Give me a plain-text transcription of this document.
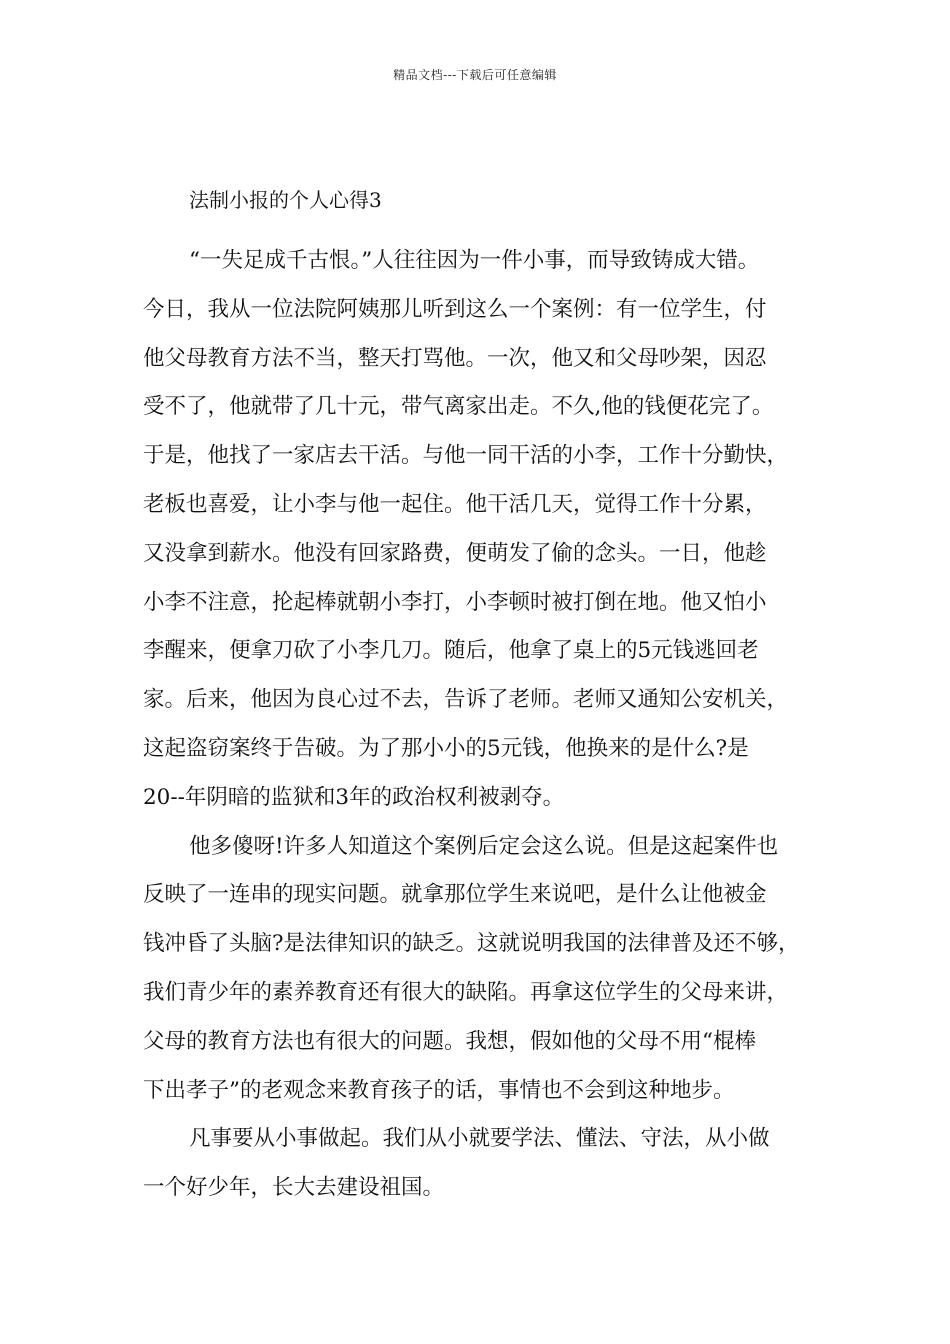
精品文档---下载后可任意编辑
法制小报的个人心得3
“一失足成千古恨。”人往往因为一件小事，而导致铸成大错。
今日，我从一位法院阿姨那儿听到这么一个案例：有一位学生，付
他父母教育方法不当，整天打骂他。一次，他又和父母吵架，因忍
受不了，他就带了几十元，带气离家出走。不久,他的钱便花完了。
于是，他找了一家店去干活。与他一同干活的小李，工作十分勤快，
老板也喜爱，让小李与他一起住。他干活几天，觉得工作十分累，
又没拿到薪水。他没有回家路费，便萌发了偷的念头。一日，他趁
小李不注意，抡起棒就朝小李打，小李顿时被打倒在地。他又怕小
李醒来，便拿刀砍了小李几刀。随后，他拿了桌上的5元钱逃回老
家。后来，他因为良心过不去，告诉了老师。老师又通知公安机关，
这起盗窃案终于告破。为了那小小的5元钱，他换来的是什么?是
20--年阴暗的监狱和3年的政治权利被剥夺。
他多傻呀!许多人知道这个案例后定会这么说。但是这起案件也
反映了一连串的现实问题。就拿那位学生来说吧，是什么让他被金
钱冲昏了头脑?是法律知识的缺乏。这就说明我国的法律普及还不够，
我们青少年的素养教育还有很大的缺陷。再拿这位学生的父母来讲，
父母的教育方法也有很大的问题。我想，假如他的父母不用“棍棒
下出孝子”的老观念来教育孩子的话，事情也不会到这种地步。
凡事要从小事做起。我们从小就要学法、懂法、守法，从小做
一个好少年，长大去建设祖国。
